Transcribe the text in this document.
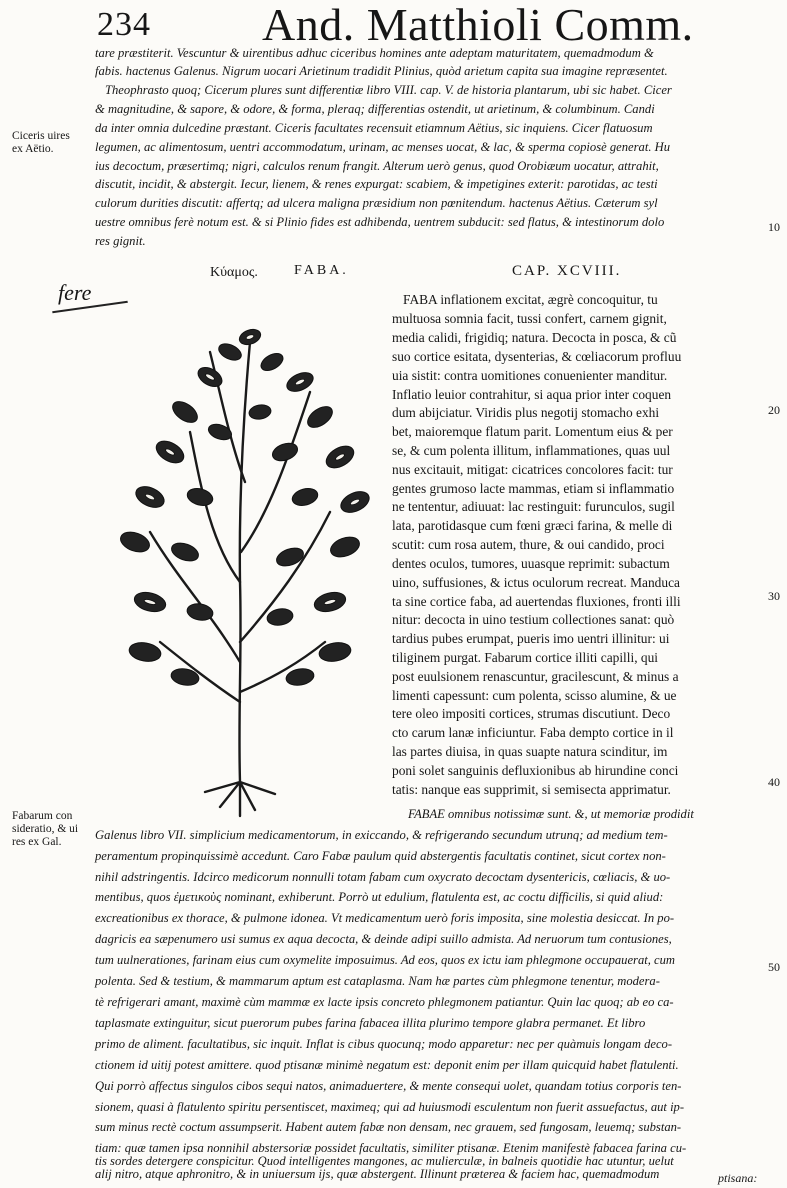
234 And. Matthioli Comm.
tare præstiterit. Vescuntur & uirentibus adhuc ciceribus homines ante adeptam maturitatem, quemadmodum &
fabis. hactenus Galenus. Nigrum uocari Arietinum tradidit Plinius, quòd arietum capita sua imagine repræsentet.
Theophrasto quoq; Cicerum plures sunt differentiæ libro VIII. cap. V. de historia plantarum, ubi sic habet. Cicer
& magnitudine, & sapore, & odore, & forma, pleraq; differentias ostendit, ut arietinum, & columbinum. Candi
da inter omnia dulcedine præstant. Ciceris facultates recensuit etiamnum Aëtius, sic inquiens. Cicer flatuosum
legumen, ac alimentosum, uentri accommodatum, urinam, ac menses uocat, & lac, & sperma copiosè generat. Hu
ius decoctum, præsertimq; nigri, calculos renum frangit. Alterum uerò genus, quod Orobiæum uocatur, attrahit,
discutit, incidit, & abstergit. Iecur, lienem, & renes expurgat: scabiem, & impetigines exterit: parotidas, ac testi
culorum durities discutit: affertq; ad ulcera maligna præsidium non pœnitendum. hactenus Aëtius. Cæterum syl
uestre omnibus ferè notum est. & si Plinio fides est adhibenda, uentrem subducit: sed flatus, & intestinorum dolo
res gignit.
Ciceris uires
ex Aëtio.
10
20
30
40
50
fere
Κύαμος.	FABA.	CAP. XCVIII.
FABA inflationem excitat, ægrè concoquitur, tu
multuosa somnia facit, tussi confert, carnem gignit,
media calidi, frigidiq; natura. Decocta in posca, & cũ
suo cortice esitata, dysenterias, & cœliacorum profluu
uia sistit: contra uomitiones conuenienter manditur.
Inflatio leuior contrahitur, si aqua prior inter coquen
dum abijciatur. Viridis plus negotij stomacho exhi
bet, maioremque flatum parit. Lomentum eius & per
se, & cum polenta illitum, inflammationes, quas uul
nus excitauit, mitigat: cicatrices concolores facit: tur
gentes grumoso lacte mammas, etiam si inflammatio
ne tententur, adiuuat: lac restinguit: furunculos, sugil
lata, parotidasque cum fœni græci farina, & melle di
scutit: cum rosa autem, thure, & oui candido, proci
dentes oculos, tumores, uuasque reprimit: subactum
uino, suffusiones, & ictus oculorum recreat. Manduca
ta sine cortice faba, ad auertendas fluxiones, fronti illi
nitur: decocta in uino testium collectiones sanat: quò
tardius pubes erumpat, pueris imo uentri illinitur: ui
tiliginem purgat. Fabarum cortice illiti capilli, qui
post euulsionem renascuntur, gracilescunt, & minus a
limenti capessunt: cum polenta, scisso alumine, & ue
tere oleo impositi cortices, strumas discutiunt. Deco
cto carum lanæ inficiuntur. Faba dempto cortice in il
las partes diuisa, in quas suapte natura scinditur, im
poni solet sanguinis defluxionibus ab hirundine conci
tatis: nanque eas supprimit, si semisecta apprimatur.
Fabarum con
sideratio, & ui
res ex Gal.
FABAE omnibus notissimæ sunt. &, ut memoriæ prodidit
Galenus libro VII. simplicium medicamentorum, in exiccando, & refrigerando secundum utrunq; ad medium tem-
peramentum propinquissimè accedunt. Caro Fabæ paulum quid abstergentis facultatis continet, sicut cortex non-
nihil adstringentis. Idcirco medicorum nonnulli totam fabam cum oxycrato decoctam dysentericis, cœliacis, & uo-
mentibus, quos ἐμετικοὺς nominant, exhiberunt. Porrò ut edulium, flatulenta est, ac coctu difficilis, si quid aliud:
excreationibus ex thorace, & pulmone idonea. Vt medicamentum uerò foris imposita, sine molestia desiccat. In po-
dagricis ea sæpenumero usi sumus ex aqua decocta, & deinde adipi suillo admista. Ad neruorum tum contusiones,
tum uulnerationes, farinam eius cum oxymelite imposuimus. Ad eos, quos ex ictu iam phlegmone occupauerat, cum
polenta. Sed & testium, & mammarum aptum est cataplasma. Nam hæ partes cùm phlegmone tenentur, modera-
tè refrigerari amant, maximè cùm mammæ ex lacte ipsis concreto phlegmonem patiantur. Quin lac quoq; ab eo ca-
taplasmate extinguitur, sicut puerorum pubes farina fabacea illita plurimo tempore glabra permanet. Et libro
primo de aliment. facultatibus, sic inquit. Inflat is cibus quocunq; modo apparetur: nec per quàmuis longam deco-
ctionem id uitij potest amittere. quod ptisanæ minimè negatum est: deponit enim per illam quicquid habet flatulenti.
Qui porrò affectus singulos cibos sequi natos, animaduertere, & mente consequi uolet, quandam totius corporis ten-
sionem, quasi à flatulento spiritu persentiscet, maximeq; qui ad huiusmodi esculentum non fuerit assuefactus, aut ip-
sum minus rectè coctum assumpserit. Habent autem fabæ non densam, nec grauem, sed fungosam, leuemq; substan-
tiam: quæ tamen ipsa nonnihil abstersoriæ possidet facultatis, similiter ptisanæ. Etenim manifestè fabacea farina cu-
tis sordes detergere conspicitur. Quod intelligentes mangones, ac mulierculæ, in balneis quotidie hac utuntur, uelut
alij nitro, atque aphronitro, & in uniuersum ijs, quæ abstergent. Illinunt præterea & faciem hac, quemadmodum	ptisana:
